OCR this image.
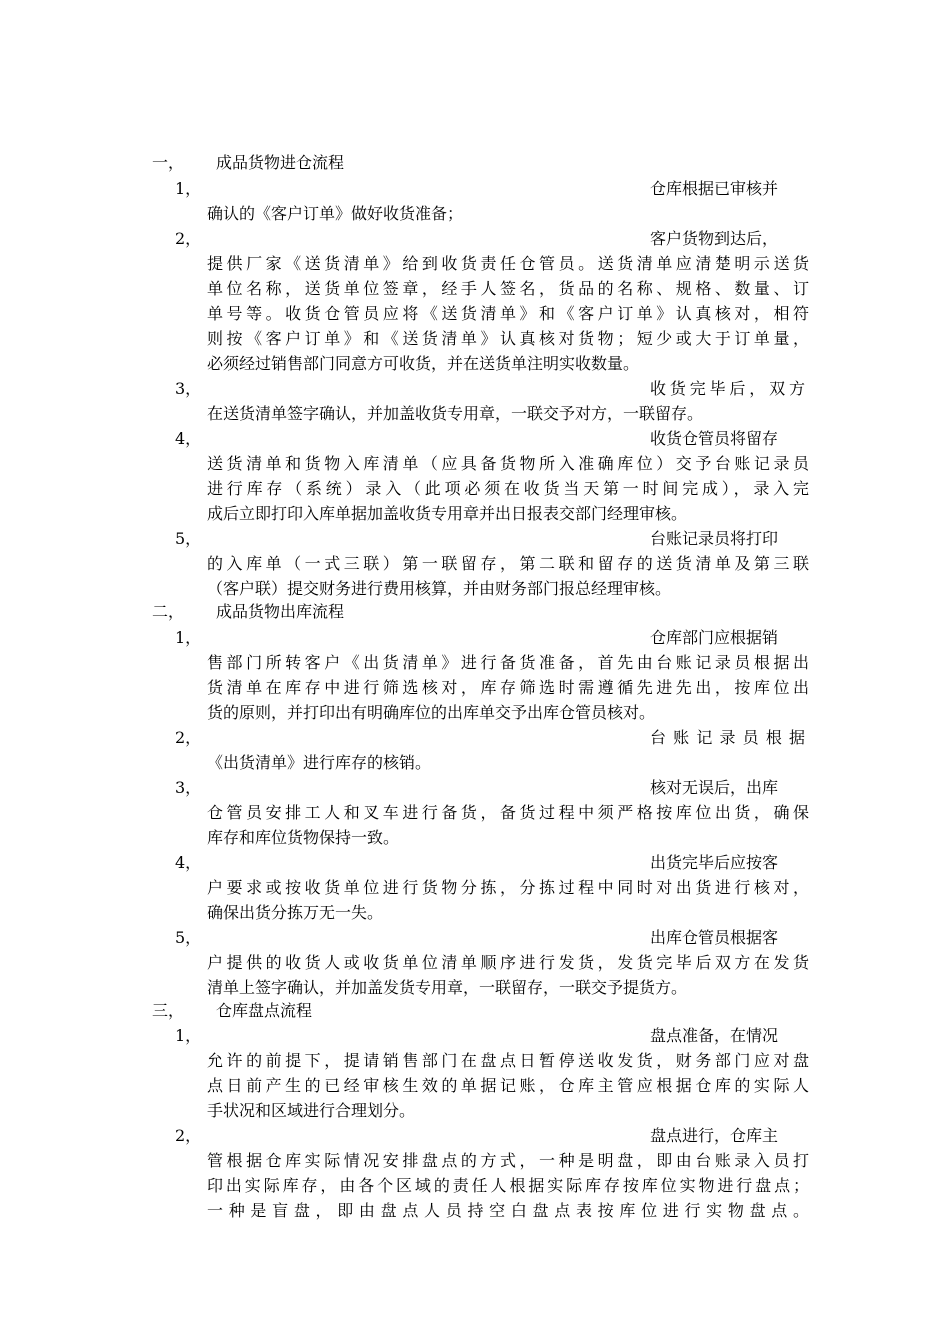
一， 成品货物进仓流程
1，	仓库根据已审核并
确认的《客户订单》做好收货准备；
2，	客户货物到达后，
提供厂家《送货清单》给到收货责任仓管员。送货清单应清楚明示送货
单位名称，送货单位签章，经手人签名，货品的名称、规格、数量、订
单号等。收货仓管员应将《送货清单》和《客户订单》认真核对，相符
则按《客户订单》和《送货清单》认真核对货物；短少或大于订单量，
必须经过销售部门同意方可收货，并在送货单注明实收数量。
3，	收货完毕后，双方
在送货清单签字确认，并加盖收货专用章，一联交予对方，一联留存。
4，	收货仓管员将留存
送货清单和货物入库清单（应具备货物所入准确库位）交予台账记录员
进行库存（系统）录入（此项必须在收货当天第一时间完成），录入完
成后立即打印入库单据加盖收货专用章并出日报表交部门经理审核。
5，	台账记录员将打印
的入库单（一式三联）第一联留存，第二联和留存的送货清单及第三联
（客户联）提交财务进行费用核算，并由财务部门报总经理审核。
二， 成品货物出库流程
1，	仓库部门应根据销
售部门所转客户《出货清单》进行备货准备，首先由台账记录员根据出
货清单在库存中进行筛选核对，库存筛选时需遵循先进先出，按库位出
货的原则，并打印出有明确库位的出库单交予出库仓管员核对。
2，	台账记录员根据
《出货清单》进行库存的核销。
3，	核对无误后，出库
仓管员安排工人和叉车进行备货，备货过程中须严格按库位出货，确保
库存和库位货物保持一致。
4，	出货完毕后应按客
户要求或按收货单位进行货物分拣，分拣过程中同时对出货进行核对，
确保出货分拣万无一失。
5，	出库仓管员根据客
户提供的收货人或收货单位清单顺序进行发货，发货完毕后双方在发货
清单上签字确认，并加盖发货专用章，一联留存，一联交予提货方。
三， 仓库盘点流程
1，	盘点准备，在情况
允许的前提下，提请销售部门在盘点日暂停送收发货，财务部门应对盘
点日前产生的已经审核生效的单据记账，仓库主管应根据仓库的实际人
手状况和区域进行合理划分。
2，	盘点进行，仓库主
管根据仓库实际情况安排盘点的方式，一种是明盘，即由台账录入员打
印出实际库存，由各个区域的责任人根据实际库存按库位实物进行盘点；
一种是盲盘，即由盘点人员持空白盘点表按库位进行实物盘点。
